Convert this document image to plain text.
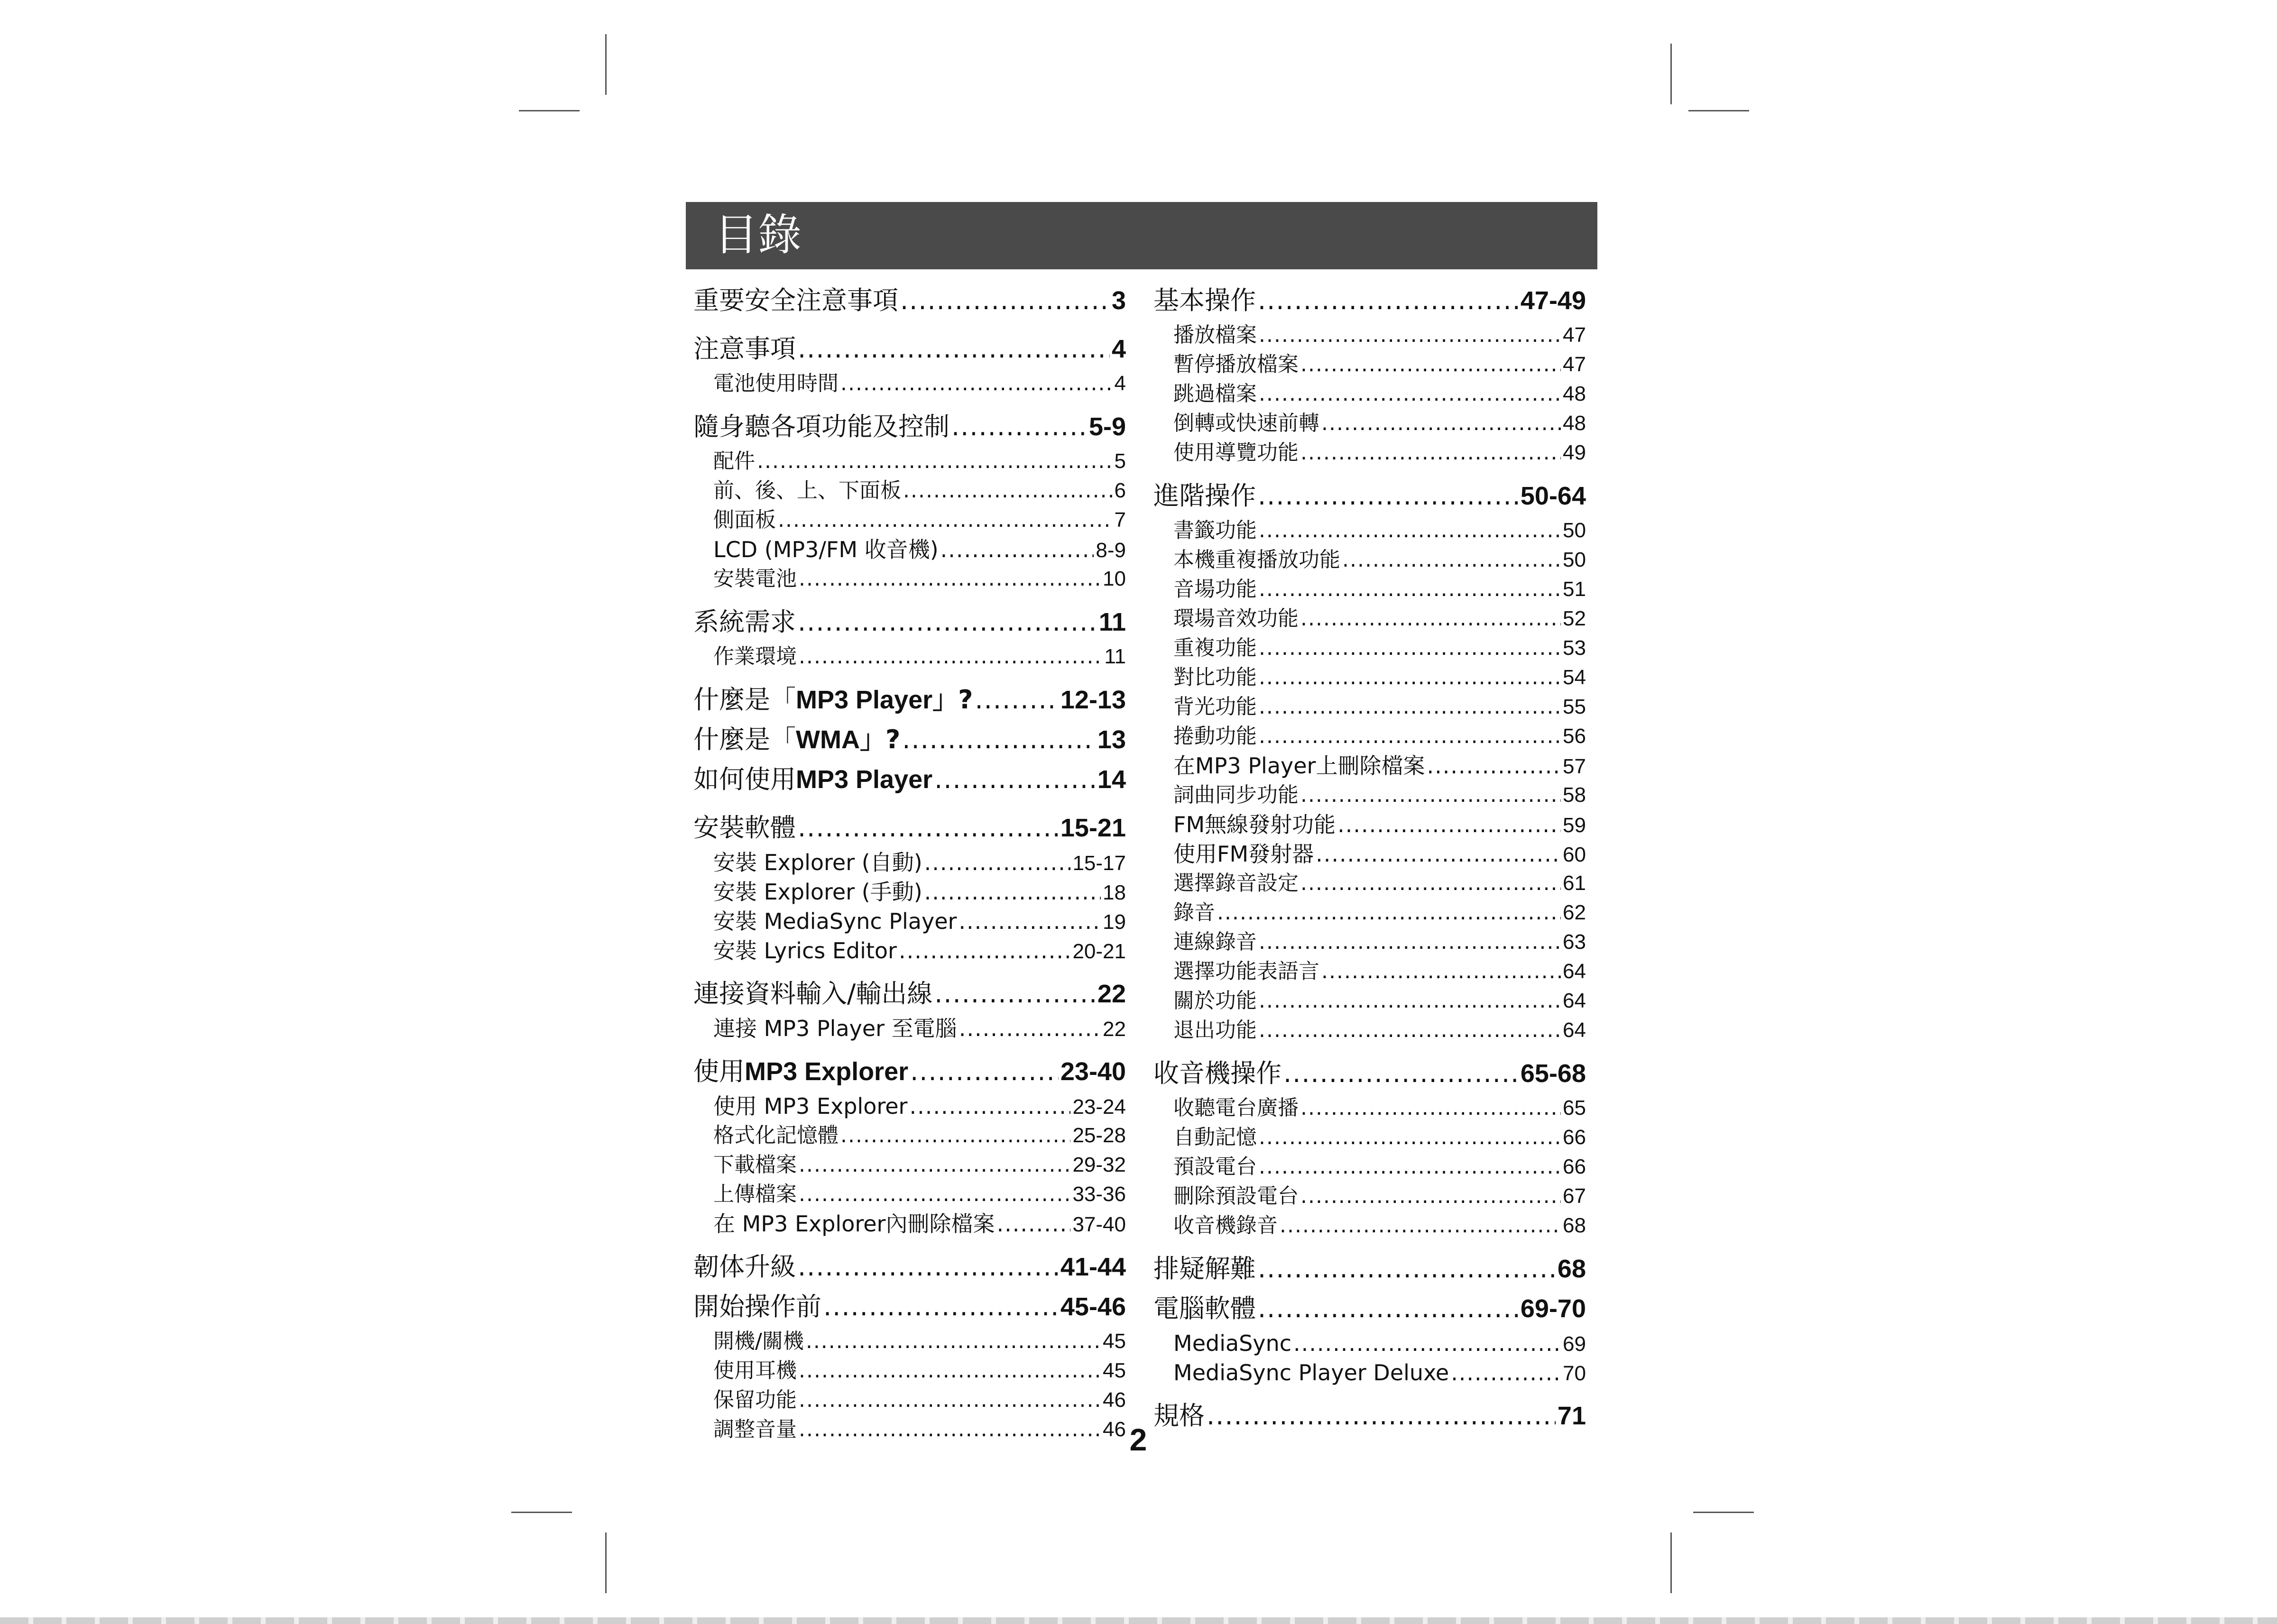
目錄
重要安全注意事項 .....	3
注意事項 .....	4
電池使用時間 .....	4
隨身聽各項功能及控制 .....	5-9
配件 .....	5
前、後、上、下面板 .....	6
側面板 .....	7
LCD (MP3/FM 收音機) .....	8-9
安裝電池 .....	10
系統需求 .....	11
作業環境 .....	11
什麼是「MP3 Player」? .....	12-13
什麼是「WMA」? .....	13
如何使用MP3 Player .....	14
安裝軟體 .....	15-21
安裝 Explorer (自動) .....	15-17
安裝 Explorer (手動) .....	18
安裝 MediaSync Player .....	19
安裝 Lyrics Editor .....	20-21
連接資料輸入/輸出線 .....	22
連接 MP3 Player 至電腦 .....	22
使用MP3 Explorer .....	23-40
使用 MP3 Explorer .....	23-24
格式化記憶體 .....	25-28
下載檔案 .....	29-32
上傳檔案 .....	33-36
在 MP3 Explorer內刪除檔案 .....	37-40
韌体升級 .....	41-44
開始操作前 .....	45-46
開機/關機 .....	45
使用耳機 .....	45
保留功能 .....	46
調整音量 .....	46
基本操作 .....	47-49
播放檔案 .....	47
暫停播放檔案 .....	47
跳過檔案 .....	48
倒轉或快速前轉 .....	48
使用導覽功能 .....	49
進階操作 .....	50-64
書籤功能 .....	50
本機重複播放功能 .....	50
音場功能 .....	51
環場音效功能 .....	52
重複功能 .....	53
對比功能 .....	54
背光功能 .....	55
捲動功能 .....	56
在MP3 Player上刪除檔案 .....	57
詞曲同步功能 .....	58
FM無線發射功能 .....	59
使用FM發射器 .....	60
選擇錄音設定 .....	61
錄音 .....	62
連線錄音 .....	63
選擇功能表語言 .....	64
關於功能 .....	64
退出功能 .....	64
收音機操作 .....	65-68
收聽電台廣播 .....	65
自動記憶 .....	66
預設電台 .....	66
刪除預設電台 .....	67
收音機錄音 .....	68
排疑解難 .....	68
電腦軟體 .....	69-70
MediaSync .....	69
MediaSync Player Deluxe .....	70
規格 .....	71
2
